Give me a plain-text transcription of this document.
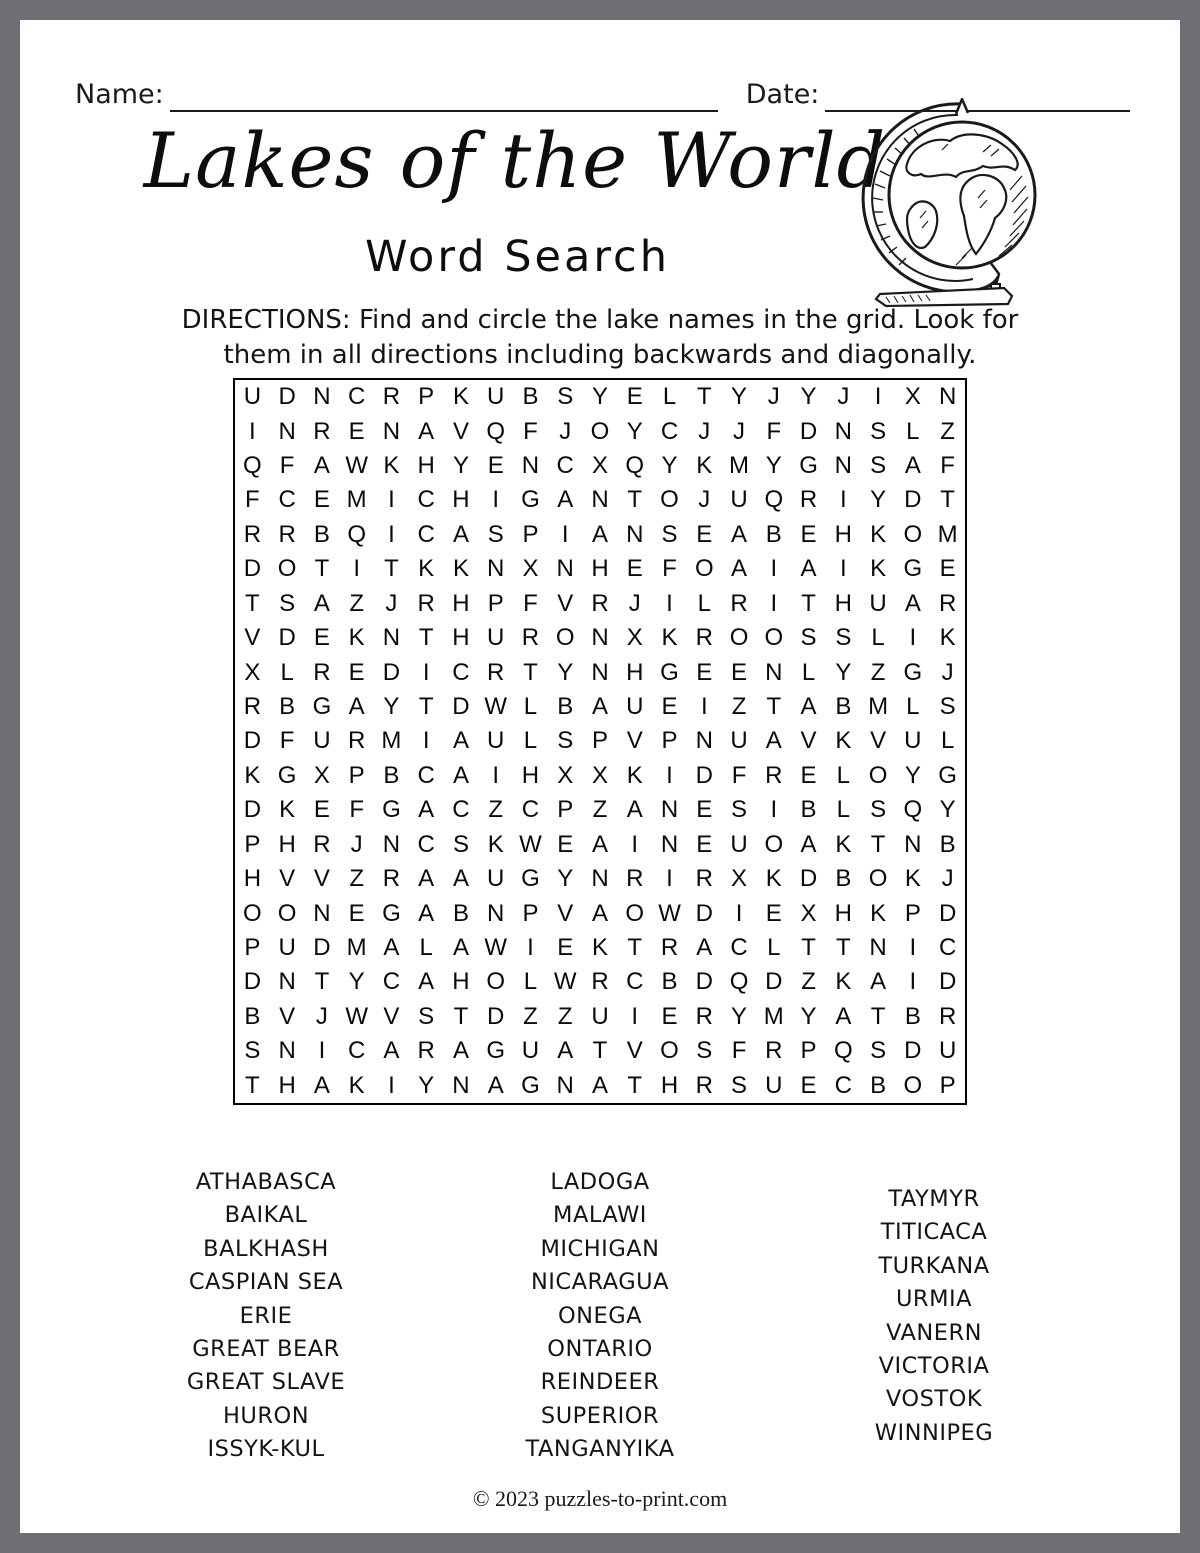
Name:	Date:
Lakes of the World
Word Search
DIRECTIONS: Find and circle the lake names in the grid. Look for
them in all directions including backwards and diagonally.
U D N C R P K U B S Y E L T Y J Y J	I X N
I N R E N A V Q F J O Y C J J F D N S L Z
Q F A W K H Y E N C X Q Y K M Y G N S A F
F C E M I C H I G A N T O J U Q R I Y D T
R R B Q I C A S P I A N S E A B E H K O M
D O T	I	T K K N X N H E F O A I A I K G E
T S A Z J R H P F V R J	I	L R I	T H U A R
V D E K N T H U R O N X K R O O S S L	I K
X L R E D I C R T Y N H G E E N L Y Z G J
R B G A Y T D W L B A U E I	Z T A B M L S
D F U R M I A U L S P V P N U A V K V U L
K G X P B C A I H X X K I D F R E L O Y G
D K E F G A C Z C P Z A N E S I B L S Q Y
P H R J N C S K W E A I N E U O A K T N B
H V V Z R A A U G Y N R I R X K D B O K J
O O N E G A B N P V A O W D I E X H K P D
P U D M A L A W I E K T R A C L T T N I C
D N T Y C A H O L W R C B D Q D Z K A I D
B V J W V S T D Z Z U I E R Y M Y A T B R
S N I C A R A G U A T V O S F R P Q S D U
T H A K I Y N A G N A T H R S U E C B O P
ATHABASCA
BAIKAL
BALKHASH
CASPIAN SEA
ERIE
GREAT BEAR
GREAT SLAVE
HURON
ISSYK-KUL
LADOGA
MALAWI
MICHIGAN
NICARAGUA
ONEGA
ONTARIO
REINDEER
SUPERIOR
TANGANYIKA
TAYMYR
TITICACA
TURKANA
URMIA
VANERN
VICTORIA
VOSTOK
WINNIPEG
© 2023 puzzles-to-print.com
